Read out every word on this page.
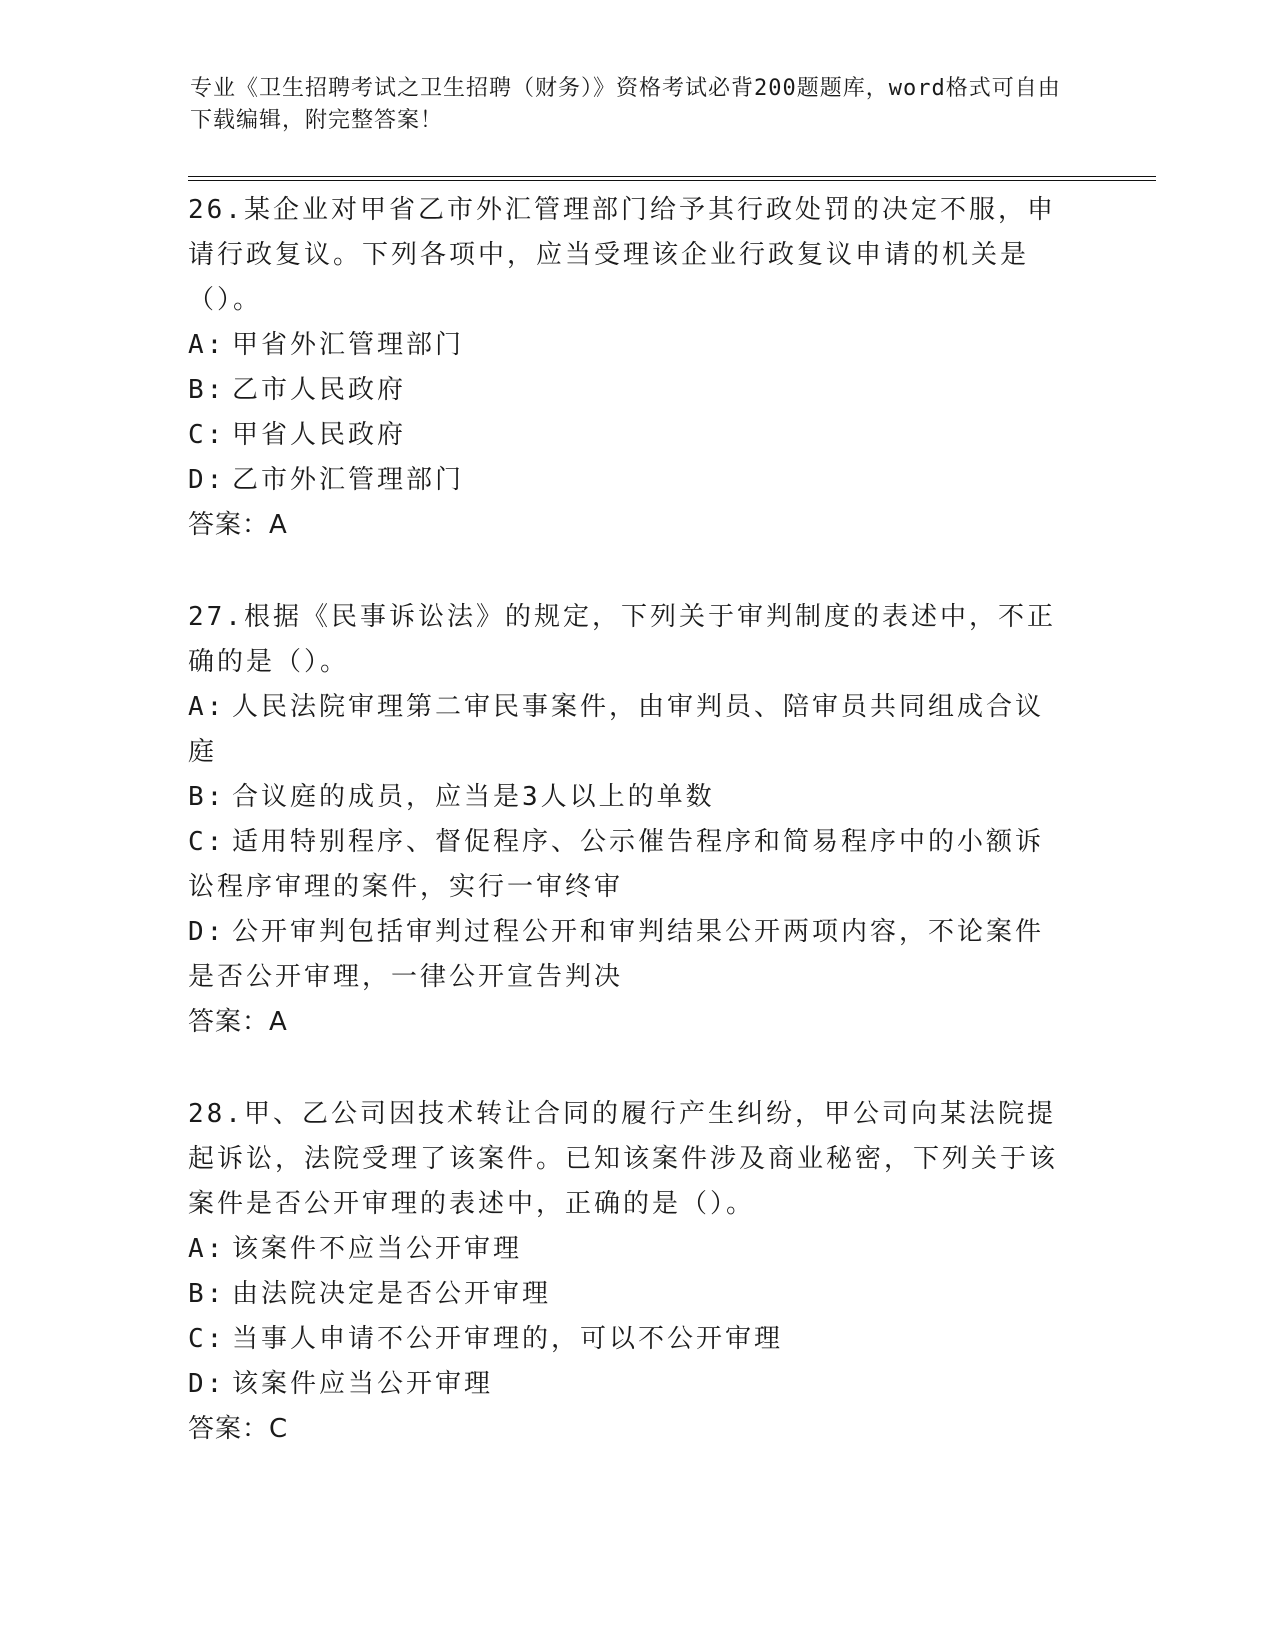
专业《卫生招聘考试之卫生招聘（财务）》资格考试必背200题题库，word格式可自由下载编辑，附完整答案！

26.某企业对甲省乙市外汇管理部门给予其行政处罚的决定不服，申请行政复议。下列各项中，应当受理该企业行政复议申请的机关是（）。

A: 甲省外汇管理部门

B: 乙市人民政府

C: 甲省人民政府

D: 乙市外汇管理部门

答案：A

27.根据《民事诉讼法》的规定，下列关于审判制度的表述中，不正确的是（）。

A: 人民法院审理第二审民事案件，由审判员、陪审员共同组成合议庭

B: 合议庭的成员，应当是3人以上的单数

C: 适用特别程序、督促程序、公示催告程序和简易程序中的小额诉讼程序审理的案件，实行一审终审

D: 公开审判包括审判过程公开和审判结果公开两项内容，不论案件是否公开审理，一律公开宣告判决

答案：A

28.甲、乙公司因技术转让合同的履行产生纠纷，甲公司向某法院提起诉讼，法院受理了该案件。已知该案件涉及商业秘密，下列关于该案件是否公开审理的表述中，正确的是（）。

A: 该案件不应当公开审理

B: 由法院决定是否公开审理

C: 当事人申请不公开审理的，可以不公开审理

D: 该案件应当公开审理

答案：C
